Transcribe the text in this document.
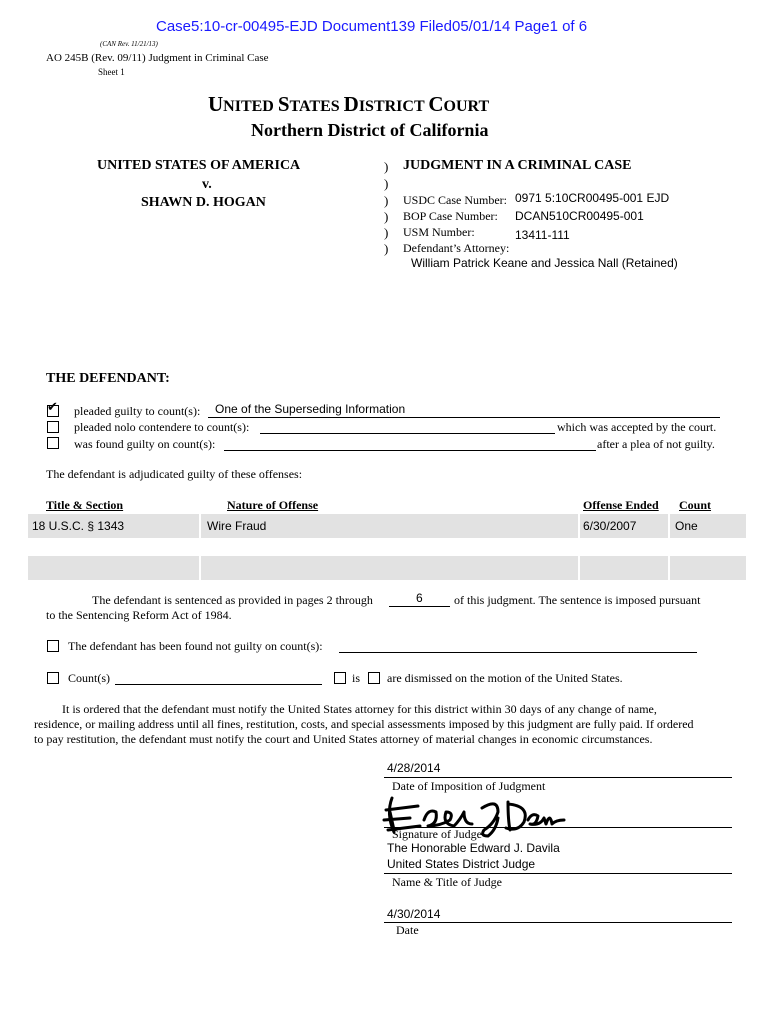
Case5:10-cr-00495-EJD Document139 Filed05/01/14 Page1 of 6
(CAN Rev. 11/21/13)
AO 245B (Rev. 09/11) Judgment in Criminal Case
Sheet 1
UNITED STATES DISTRICT COURT
Northern District of California
UNITED STATES OF AMERICA
v.
SHAWN D. HOGAN
)
)
)
)
)
)
JUDGMENT IN A CRIMINAL CASE
USDC Case Number: 0971 5:10CR00495-001 EJD
BOP Case Number: DCAN510CR00495-001
USM Number:	13411-111
Defendant’s Attorney:
William Patrick Keane and Jessica Nall (Retained)
THE DEFENDANT:
✔
pleaded guilty to count(s): One of the Superseding Information
pleaded nolo contendere to count(s):	which was accepted by the court.
was found guilty on count(s):	after a plea of not guilty.
The defendant is adjudicated guilty of these offenses:
Title & Section	Nature of Offense	Offense Ended Count
18 U.S.C. § 1343	Wire Fraud	6/30/2007	One
The defendant is sentenced as provided in pages 2 through	6	of this judgment. The sentence is imposed pursuant
to the Sentencing Reform Act of 1984.
The defendant has been found not guilty on count(s):
Count(s)	is are dismissed on the motion of the United States.
It is ordered that the defendant must notify the United States attorney for this district within 30 days of any change of name,
residence, or mailing address until all fines, restitution, costs, and special assessments imposed by this judgment are fully paid. If ordered
to pay restitution, the defendant must notify the court and United States attorney of material changes in economic circumstances.
4/28/2014
Date of Imposition of Judgment
Signature of Judge
The Honorable Edward J. Davila
United States District Judge
Name & Title of Judge
4/30/2014
Date
